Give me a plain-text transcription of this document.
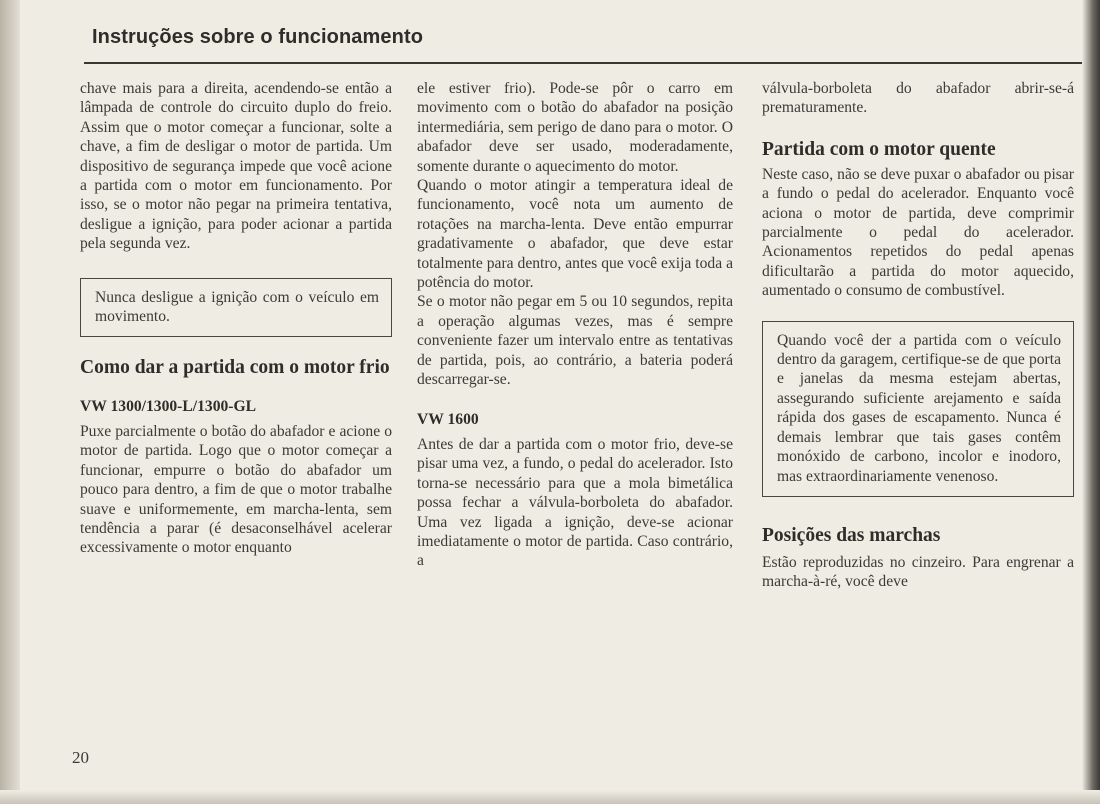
Instruções sobre o funcionamento

chave mais para a direita, acendendo-se então a lâmpada de controle do circuito duplo do freio. Assim que o motor começar a funcionar, solte a chave, a fim de desligar o motor de partida. Um dispositivo de segurança impede que você acione a partida com o motor em funcionamento. Por isso, se o motor não pegar na primeira tentativa, desligue a ignição, para poder acionar a partida pela segunda vez.

Nunca desligue a ignição com o veículo em movimento.
Como dar a partida com o motor frio

VW 1300/1300-L/1300-GL

Puxe parcialmente o botão do abafador e acione o motor de partida. Logo que o motor começar a funcionar, empurre o botão do abafador um pouco para dentro, a fim de que o motor trabalhe suave e uniformemente, em marcha-lenta, sem tendência a parar (é desaconselhável acelerar excessivamente o motor enquanto

ele estiver frio). Pode-se pôr o carro em movimento com o botão do abafador na posição intermediária, sem perigo de dano para o motor. O abafador deve ser usado, moderadamente, somente durante o aquecimento do motor.

Quando o motor atingir a temperatura ideal de funcionamento, você nota um aumento de rotações na marcha-lenta. Deve então empurrar gradativamente o abafador, que deve estar totalmente para dentro, antes que você exija toda a potência do motor.

Se o motor não pegar em 5 ou 10 segundos, repita a operação algumas vezes, mas é sempre conveniente fazer um intervalo entre as tentativas de partida, pois, ao contrário, a bateria poderá descarregar-se.

VW 1600

Antes de dar a partida com o motor frio, deve-se pisar uma vez, a fundo, o pedal do acelerador. Isto torna-se necessário para que a mola bimetálica possa fechar a válvula-borboleta do abafador. Uma vez ligada a ignição, deve-se acionar imediatamente o motor de partida. Caso contrário, a

válvula-borboleta do abafador abrir-se-á prematuramente.

Partida com o motor quente

Neste caso, não se deve puxar o abafador ou pisar a fundo o pedal do acelerador. Enquanto você aciona o motor de partida, deve comprimir parcialmente o pedal do acelerador. Acionamentos repetidos do pedal apenas dificultarão a partida do motor aquecido, aumentado o consumo de combustível.

Quando você der a partida com o veículo dentro da garagem, certifique-se de que porta e janelas da mesma estejam abertas, assegurando suficiente arejamento e saída rápida dos gases de escapamento. Nunca é demais lembrar que tais gases contêm monóxido de carbono, incolor e inodoro, mas extraordinariamente venenoso.
Posições das marchas

Estão reproduzidas no cinzeiro. Para engrenar a marcha-à-ré, você deve

20
